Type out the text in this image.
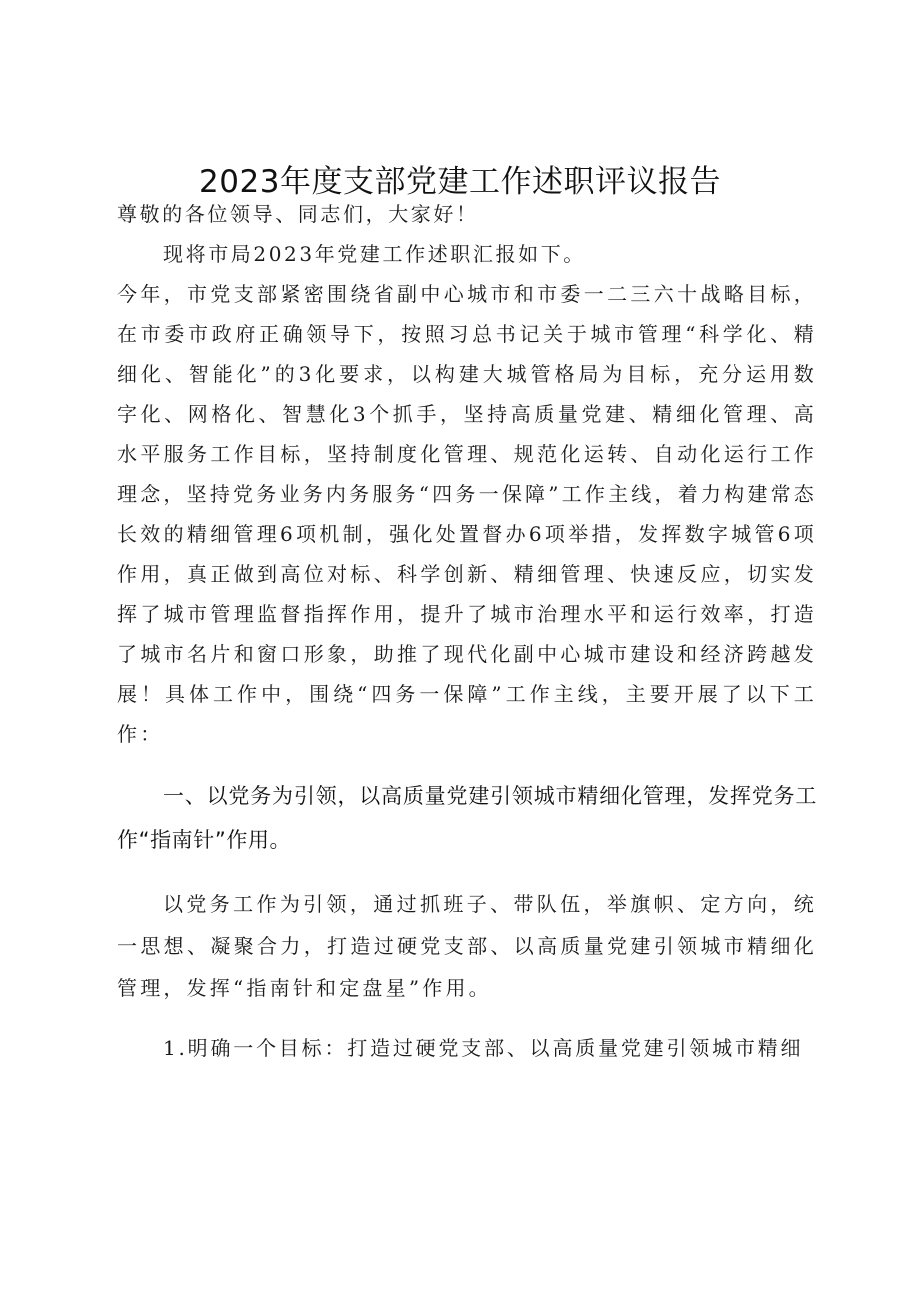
2023年度支部党建工作述职评议报告

尊敬的各位领导、同志们，大家好！

现将市局2023年党建工作述职汇报如下。

今年，市党支部紧密围绕省副中心城市和市委一二三六十战略目标，在市委市政府正确领导下，按照习总书记关于城市管理“科学化、精细化、智能化”的3化要求，以构建大城管格局为目标，充分运用数字化、网格化、智慧化3个抓手，坚持高质量党建、精细化管理、高水平服务工作目标，坚持制度化管理、规范化运转、自动化运行工作理念，坚持党务业务内务服务“四务一保障”工作主线，着力构建常态长效的精细管理6项机制，强化处置督办6项举措，发挥数字城管6项作用，真正做到高位对标、科学创新、精细管理、快速反应，切实发挥了城市管理监督指挥作用，提升了城市治理水平和运行效率，打造了城市名片和窗口形象，助推了现代化副中心城市建设和经济跨越发展！具体工作中，围绕“四务一保障”工作主线，主要开展了以下工作：

一、以党务为引领，以高质量党建引领城市精细化管理，发挥党务工作“指南针”作用。

以党务工作为引领，通过抓班子、带队伍，举旗帜、定方向，统一思想、凝聚合力，打造过硬党支部、以高质量党建引领城市精细化管理，发挥“指南针和定盘星”作用。

1.明确一个目标：打造过硬党支部、以高质量党建引领城市精细
